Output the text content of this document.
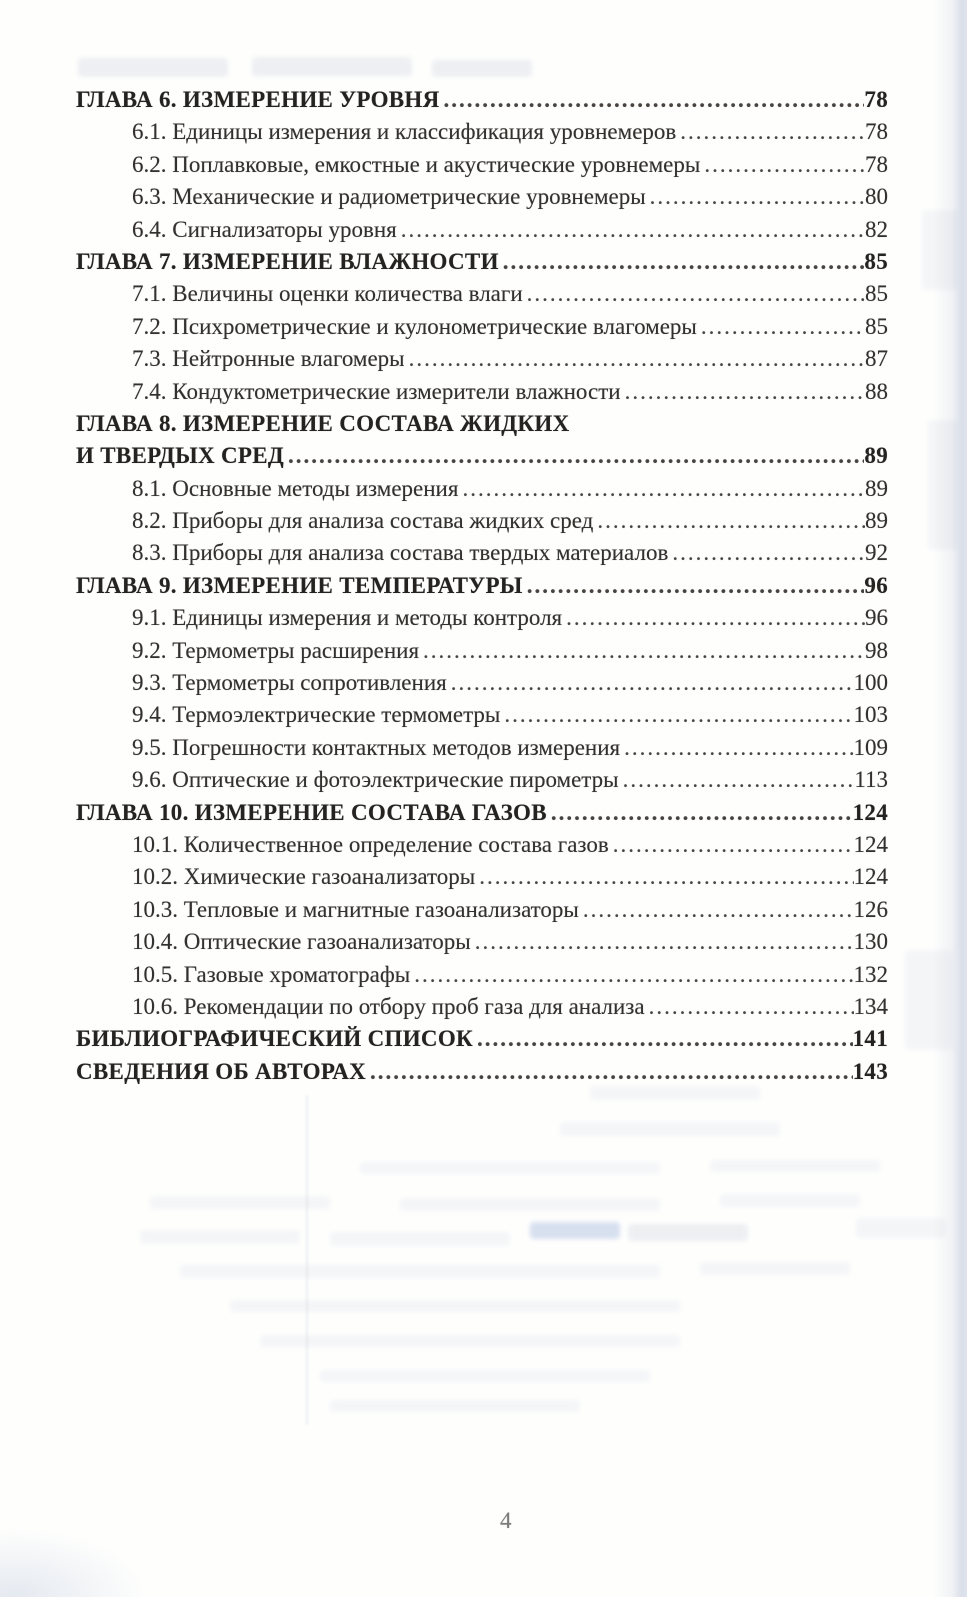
ГЛАВА 6. ИЗМЕРЕНИЕ УРОВНЯ .....	78
6.1. Единицы измерения и классификация уровнемеров .....	78
6.2. Поплавковые, емкостные и акустические уровнемеры .....	78
6.3. Механические и радиометрические уровнемеры .....	80
6.4. Сигнализаторы уровня .....	82
ГЛАВА 7. ИЗМЕРЕНИЕ ВЛАЖНОСТИ .....	85
7.1. Величины оценки количества влаги .....	85
7.2. Психрометрические и кулонометрические влагомеры .....	85
7.3. Нейтронные влагомеры .....	87
7.4. Кондуктометрические измерители влажности .....	88
ГЛАВА 8. ИЗМЕРЕНИЕ СОСТАВА ЖИДКИХ
И ТВЕРДЫХ СРЕД .....	89
8.1. Основные методы измерения .....	89
8.2. Приборы для анализа состава жидких сред .....	89
8.3. Приборы для анализа состава твердых материалов .....	92
ГЛАВА 9. ИЗМЕРЕНИЕ ТЕМПЕРАТУРЫ .....	96
9.1. Единицы измерения и методы контроля .....	96
9.2. Термометры расширения .....	98
9.3. Термометры сопротивления .....	100
9.4. Термоэлектрические термометры .....	103
9.5. Погрешности контактных методов измерения .....	109
9.6. Оптические и фотоэлектрические пирометры .....	113
ГЛАВА 10. ИЗМЕРЕНИЕ СОСТАВА ГАЗОВ .....	124
10.1. Количественное определение состава газов .....	124
10.2. Химические газоанализаторы .....	124
10.3. Тепловые и магнитные газоанализаторы .....	126
10.4. Оптические газоанализаторы .....	130
10.5. Газовые хроматографы .....	132
10.6. Рекомендации по отбору проб газа для анализа .....	134
БИБЛИОГРАФИЧЕСКИЙ СПИСОК .....	141
СВЕДЕНИЯ ОБ АВТОРАХ .....	143
4
